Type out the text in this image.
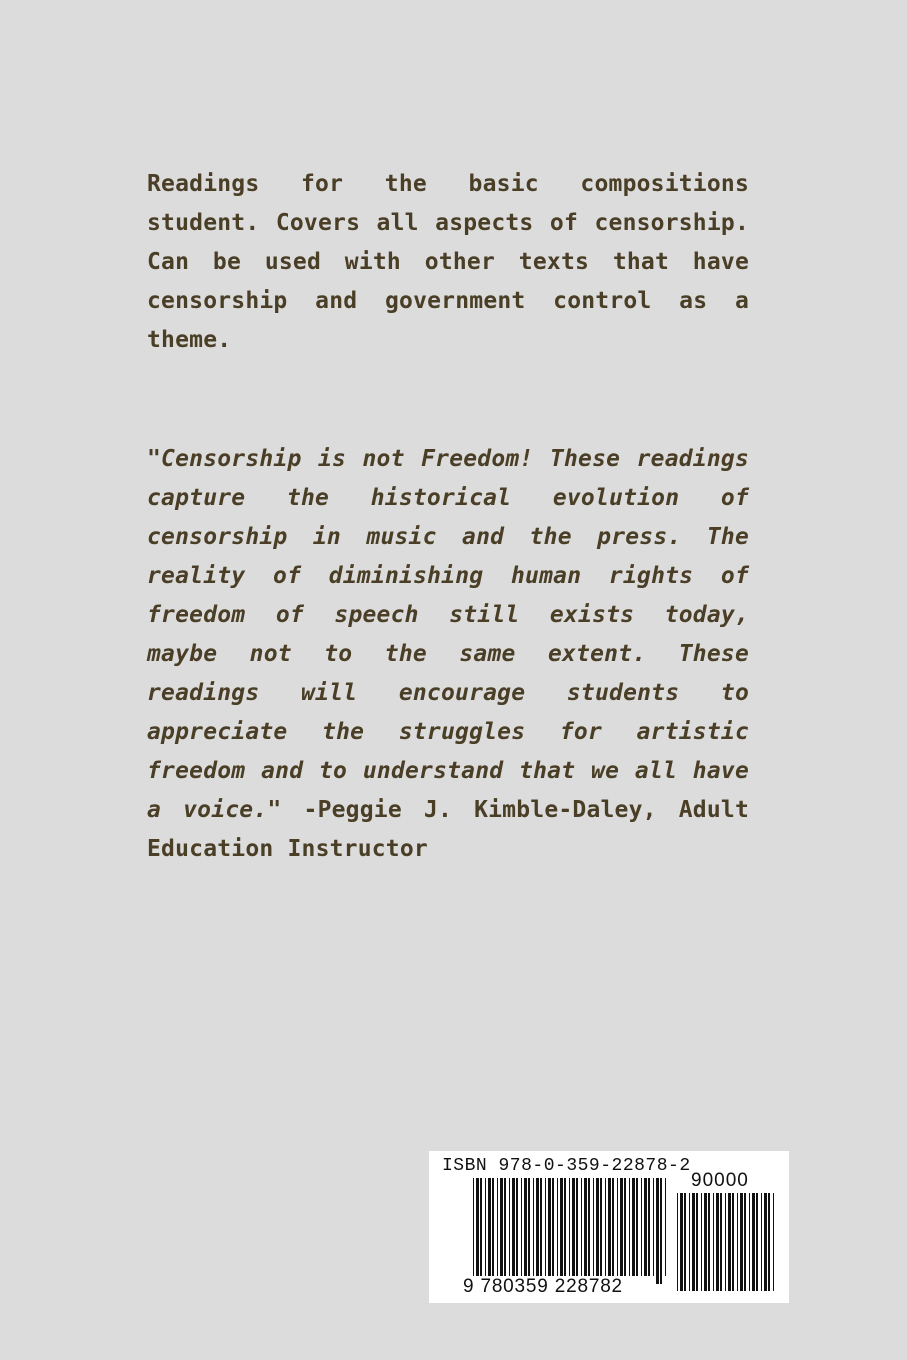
Readings for the basic compositions student. Covers all aspects of censorship. Can be used with other texts that have censorship and government control as a theme.

"Censorship is not Freedom! These readings capture the historical evolution of censorship in music and the press. The reality of diminishing human rights of freedom of speech still exists today, maybe not to the same extent. These readings will encourage students to appreciate the struggles for artistic freedom and to understand that we all have a voice." -Peggie J. Kimble-Daley, Adult Education Instructor

ISBN 978-0-359-22878-2
90000
9 780359 228782
